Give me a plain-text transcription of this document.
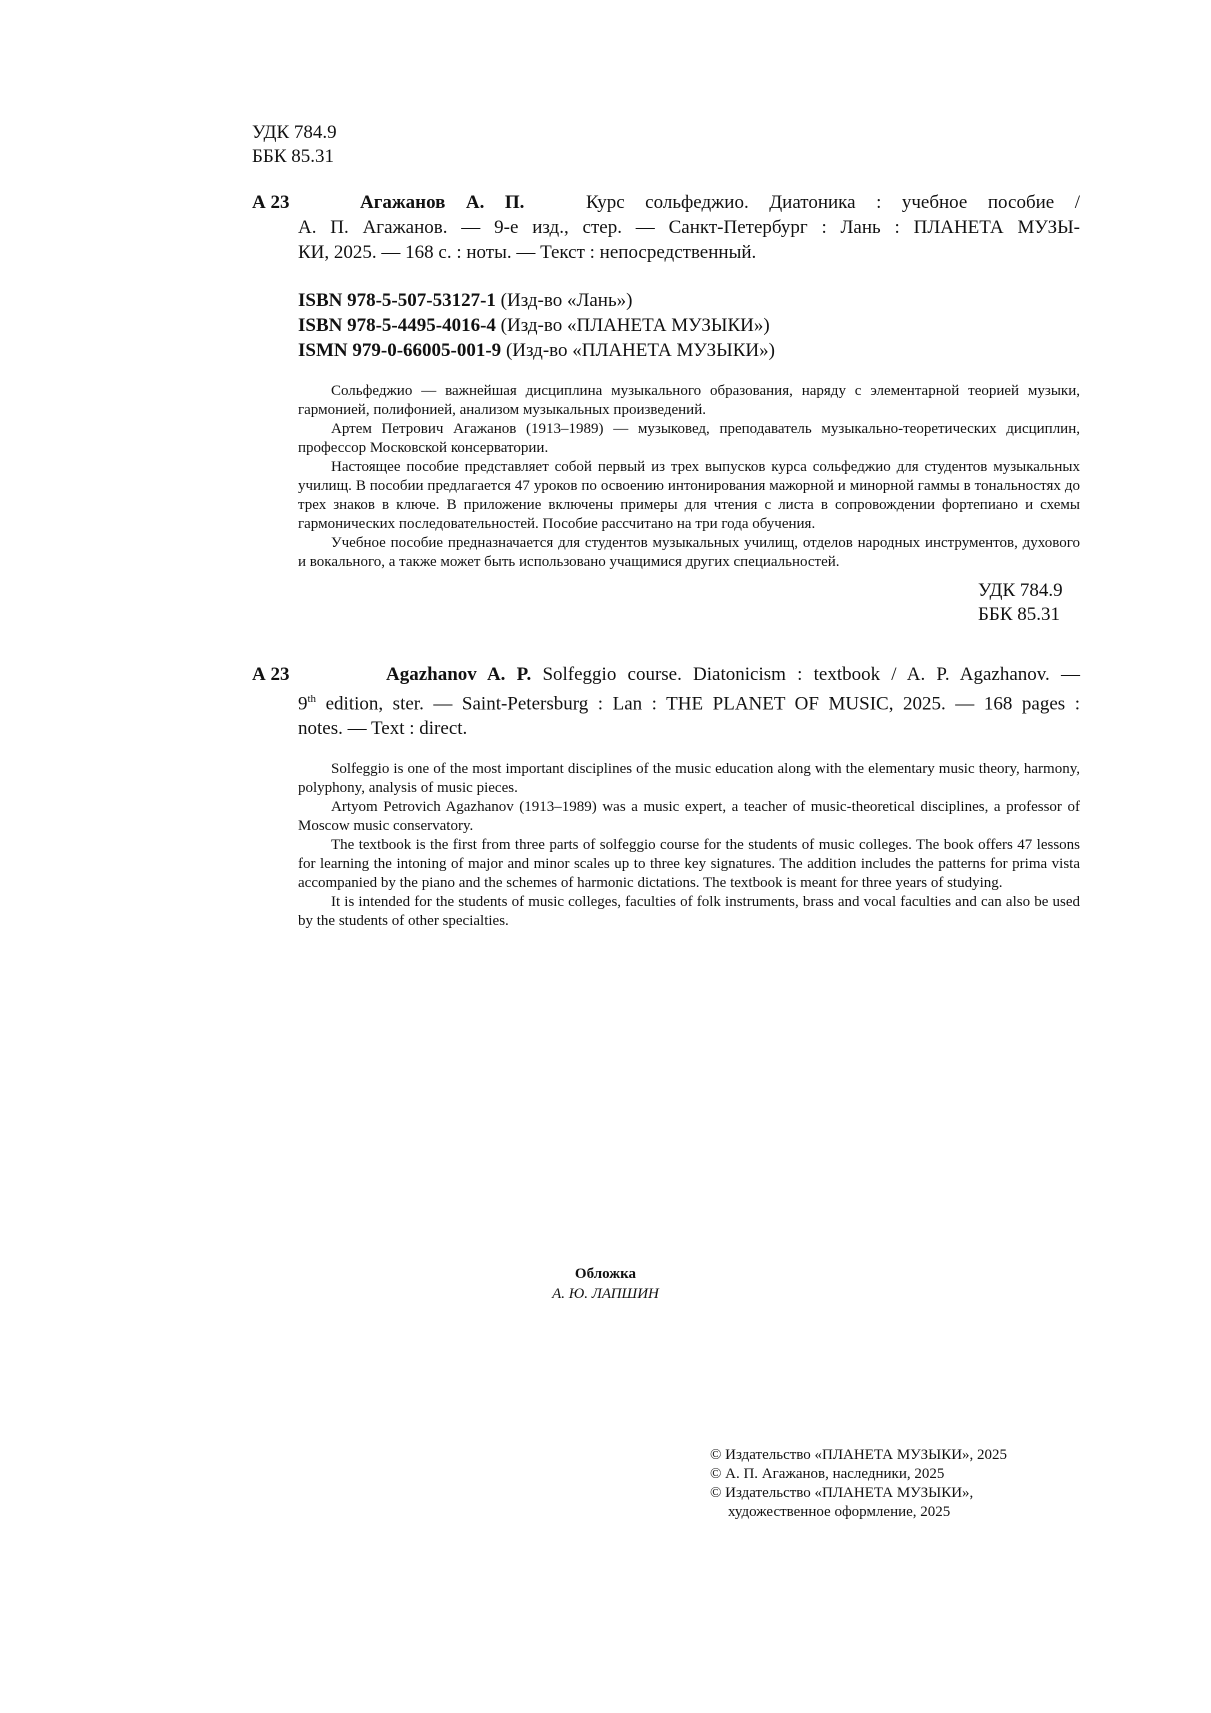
УДК 784.9
ББК 85.31
А 23	Агажанов А. П.	Курс сольфеджио. Диатоника : учебное пособие /
А. П. Агажанов. — 9-е изд., стер. — Санкт-Петербург : Лань : ПЛАНЕТА МУЗЫ-
КИ, 2025. — 168 с. : ноты. — Текст : непосредственный.
ISBN 978-5-507-53127-1 (Изд-во «Лань»)
ISBN 978-5-4495-4016-4 (Изд-во «ПЛАНЕТА МУЗЫКИ»)
ISMN 979-0-66005-001-9 (Изд-во «ПЛАНЕТА МУЗЫКИ»)

Сольфеджио — важнейшая дисциплина музыкального образования, наряду с элементарной теорией музыки, гармонией, полифонией, анализом музыкальных произведений.

Артем Петрович Агажанов (1913–1989) — музыковед, преподаватель музыкально-теоретических дисциплин, профессор Московской консерватории.

Настоящее пособие представляет собой первый из трех выпусков курса сольфеджио для студентов музыкальных училищ. В пособии предлагается 47 уроков по освоению интонирования мажорной и минорной гаммы в тональностях до трех знаков в ключе. В приложение включены примеры для чтения с листа в сопровождении фортепиано и схемы гармонических последовательностей. Пособие рассчитано на три года обучения.

Учебное пособие предназначается для студентов музыкальных училищ, отделов народных инструментов, духового и вокального, а также может быть использовано учащимися других специальностей.

УДК 784.9
ББК 85.31
А 23	Agazhanov A. P. Solfeggio course. Diatonicism : textbook / A. P. Agazhanov. —
9th edition, ster. — Saint-Petersburg : Lan : THE PLANET OF MUSIC, 2025. — 168 pages :
notes. — Text : direct.

Solfeggio is one of the most important disciplines of the music education along with the elementary music theory, harmony, polyphony, analysis of music pieces.

Artyom Petrovich Agazhanov (1913–1989) was a music expert, a teacher of music-theoretical disciplines, a professor of Moscow music conservatory.

The textbook is the first from three parts of solfeggio course for the students of music colleges. The book offers 47 lessons for learning the intoning of major and minor scales up to three key signatures. The addition includes the patterns for prima vista accompanied by the piano and the schemes of harmonic dictations. The textbook is meant for three years of studying.

It is intended for the students of music colleges, faculties of folk instruments, brass and vocal faculties and can also be used by the students of other specialties.

Обложка
А. Ю. ЛАПШИН
© Издательство «ПЛАНЕТА МУЗЫКИ», 2025
© А. П. Агажанов, наследники, 2025
© Издательство «ПЛАНЕТА МУЗЫКИ»,
художественное оформление, 2025
